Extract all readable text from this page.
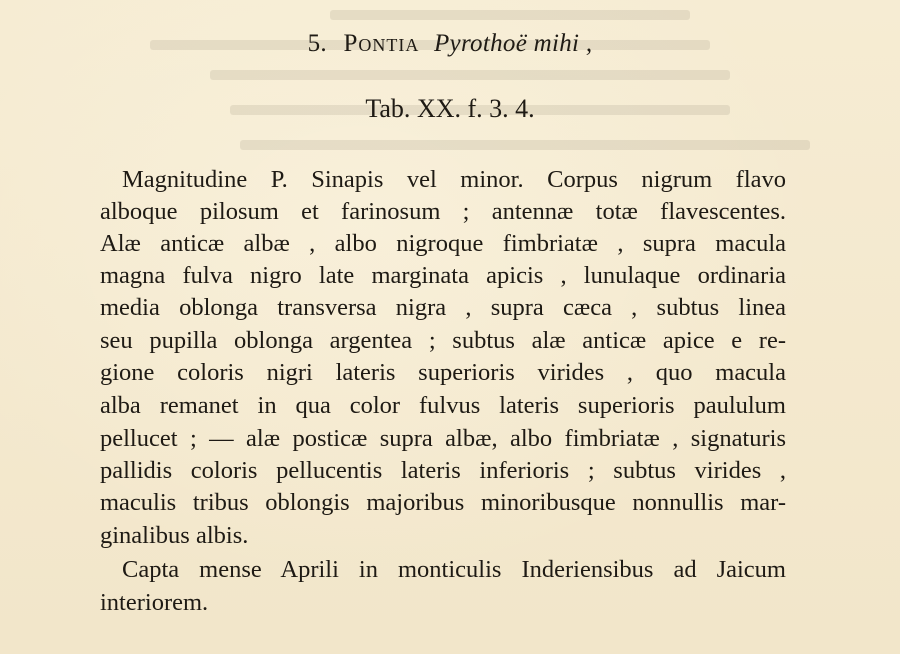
5. Pontia Pyrothoë mihi ,
Tab. XX. f. 3. 4.
Magnitudine P. Sinapis vel minor. Corpus nigrum flavo
alboque pilosum et farinosum ; antennæ totæ flavescentes.
Alæ anticæ albæ , albo nigroque fimbriatæ , supra macula
magna fulva nigro late marginata apicis , lunulaque ordinaria
media oblonga transversa nigra , supra cæca , subtus linea
seu pupilla oblonga argentea ; subtus alæ anticæ apice e re-
gione coloris nigri lateris superioris virides , quo macula
alba remanet in qua color fulvus lateris superioris paululum
pellucet ; — alæ posticæ supra albæ, albo fimbriatæ , signaturis
pallidis coloris pellucentis lateris inferioris ; subtus virides ,
maculis tribus oblongis majoribus minoribusque nonnullis mar-
ginalibus albis.
Capta mense Aprili in monticulis Inderiensibus ad Jaicum
interiorem.
